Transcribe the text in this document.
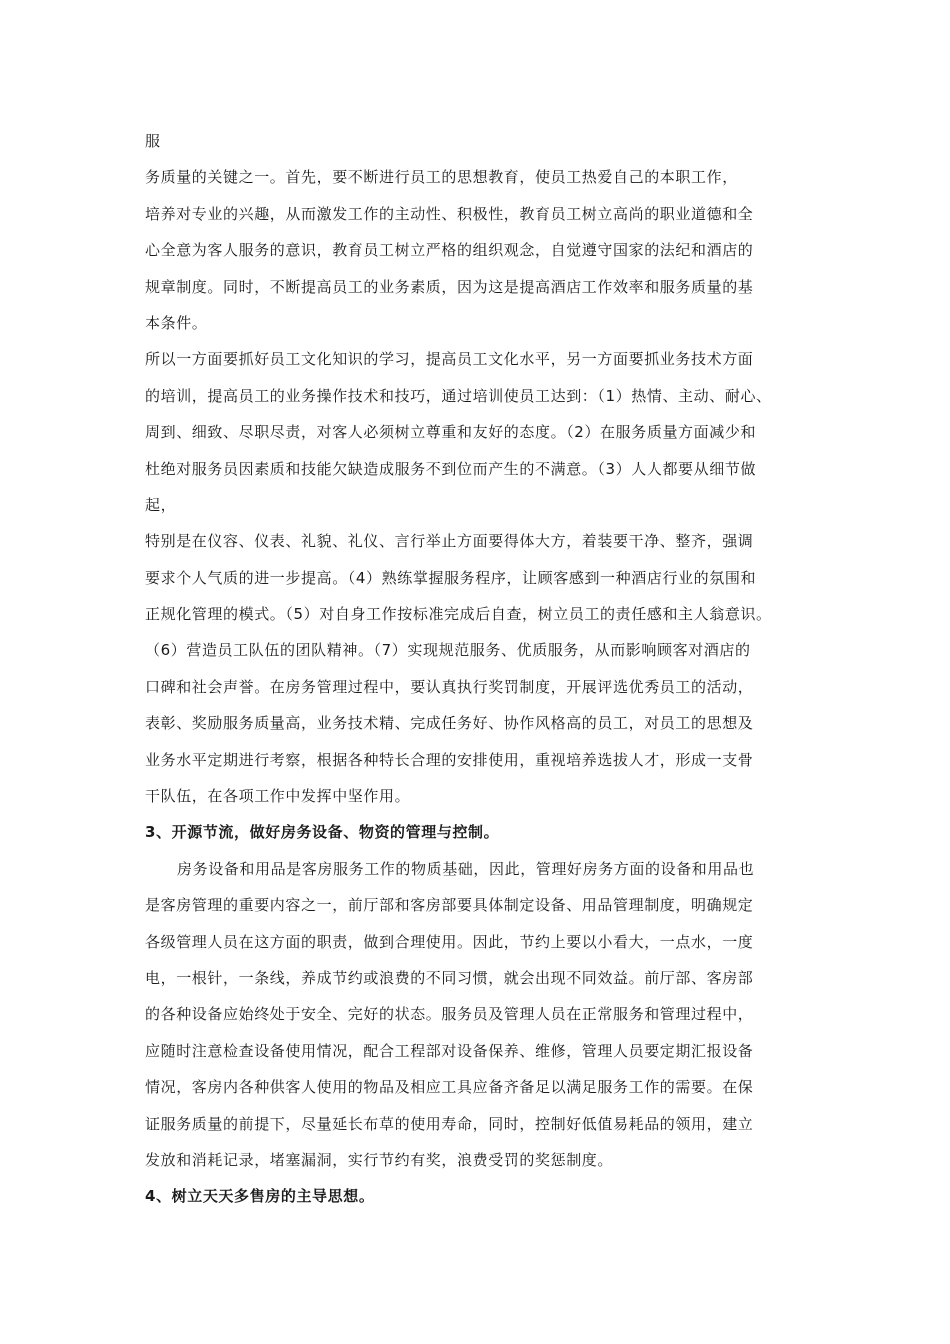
服
务质量的关键之一。首先，要不断进行员工的思想教育，使员工热爱自己的本职工作，
培养对专业的兴趣，从而激发工作的主动性、积极性，教育员工树立高尚的职业道德和全
心全意为客人服务的意识，教育员工树立严格的组织观念，自觉遵守国家的法纪和酒店的
规章制度。同时，不断提高员工的业务素质，因为这是提高酒店工作效率和服务质量的基
本条件。
所以一方面要抓好员工文化知识的学习，提高员工文化水平，另一方面要抓业务技术方面
的培训，提高员工的业务操作技术和技巧，通过培训使员工达到：（1）热情、主动、耐心、
周到、细致、尽职尽责，对客人必须树立尊重和友好的态度。（2）在服务质量方面减少和
杜绝对服务员因素质和技能欠缺造成服务不到位而产生的不满意。（3）人人都要从细节做
起，
特别是在仪容、仪表、礼貌、礼仪、言行举止方面要得体大方，着装要干净、整齐，强调
要求个人气质的进一步提高。（4）熟练掌握服务程序，让顾客感到一种酒店行业的氛围和
正规化管理的模式。（5）对自身工作按标准完成后自查，树立员工的责任感和主人翁意识。
（6）营造员工队伍的团队精神。（7）实现规范服务、优质服务，从而影响顾客对酒店的
口碑和社会声誉。在房务管理过程中，要认真执行奖罚制度，开展评选优秀员工的活动，
表彰、奖励服务质量高，业务技术精、完成任务好、协作风格高的员工，对员工的思想及
业务水平定期进行考察，根据各种特长合理的安排使用，重视培养选拔人才，形成一支骨
干队伍，在各项工作中发挥中坚作用。
3、开源节流，做好房务设备、物资的管理与控制。
房务设备和用品是客房服务工作的物质基础，因此，管理好房务方面的设备和用品也
是客房管理的重要内容之一，前厅部和客房部要具体制定设备、用品管理制度，明确规定
各级管理人员在这方面的职责，做到合理使用。因此，节约上要以小看大，一点水，一度
电，一根针，一条线，养成节约或浪费的不同习惯，就会出现不同效益。前厅部、客房部
的各种设备应始终处于安全、完好的状态。服务员及管理人员在正常服务和管理过程中，
应随时注意检查设备使用情况，配合工程部对设备保养、维修，管理人员要定期汇报设备
情况，客房内各种供客人使用的物品及相应工具应备齐备足以满足服务工作的需要。在保
证服务质量的前提下，尽量延长布草的使用寿命，同时，控制好低值易耗品的领用，建立
发放和消耗记录，堵塞漏洞，实行节约有奖，浪费受罚的奖惩制度。
4、树立天天多售房的主导思想。
